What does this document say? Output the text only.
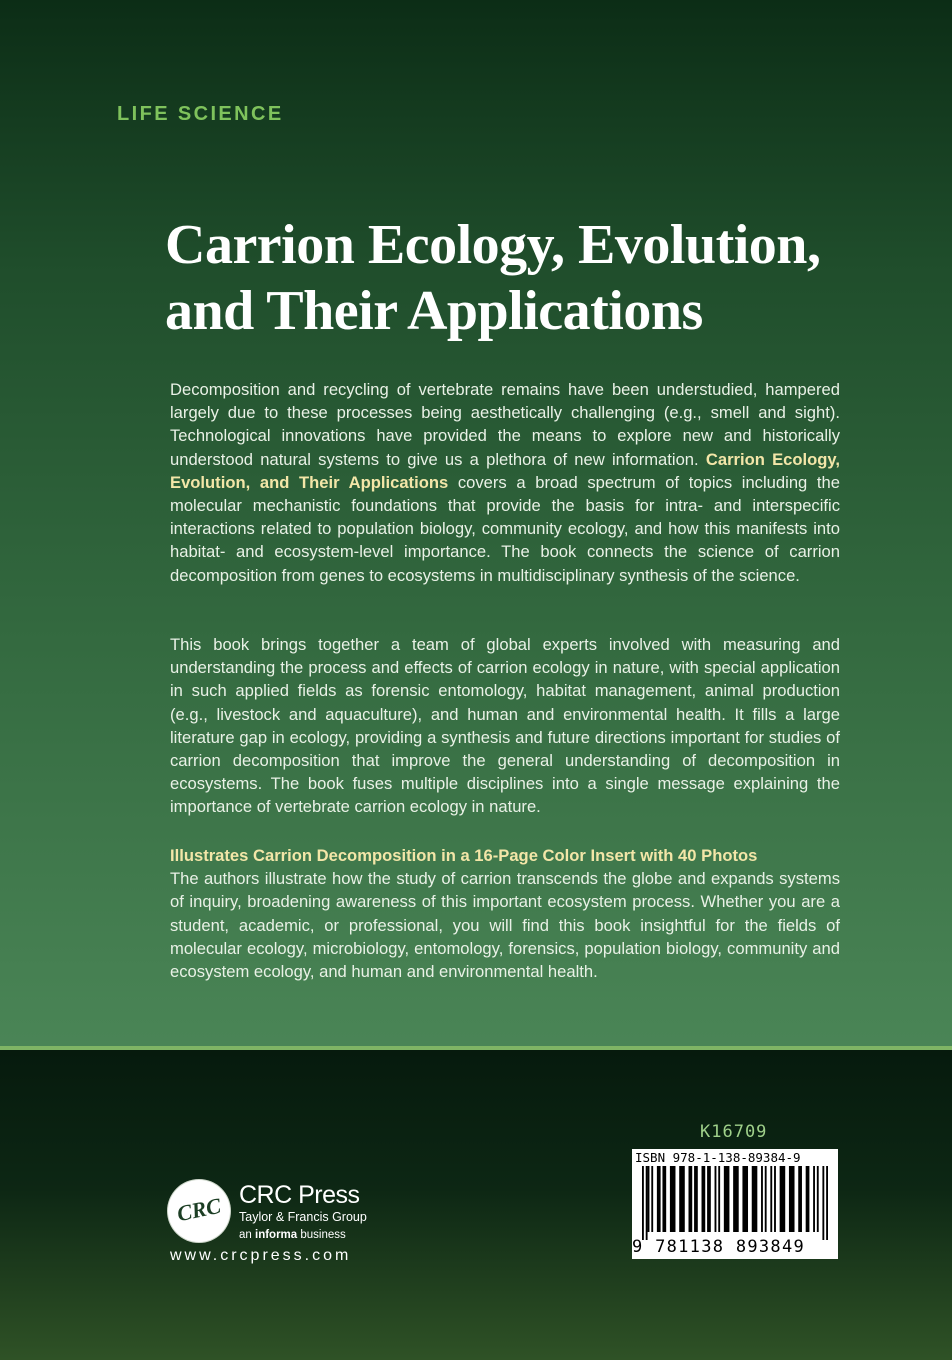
LIFE SCIENCE
Carrion Ecology, Evolution,
and Their Applications

Decomposition and recycling of vertebrate remains have been understudied, hampered largely due to these processes being aesthetically challenging (e.g., smell and sight). Technological innovations have provided the means to explore new and historically understood natural systems to give us a plethora of new information. Carrion Ecology, Evolution, and Their Applications covers a broad spectrum of topics including the molecular mechanistic foundations that provide the basis for intra- and interspecific interactions related to population biology, community ecology, and how this manifests into habitat- and ecosystem-level importance. The book connects the science of carrion decomposition from genes to ecosystems in multidisciplinary synthesis of the science.

This book brings together a team of global experts involved with measuring and understanding the process and effects of carrion ecology in nature, with special application in such applied fields as forensic entomology, habitat management, animal production (e.g., livestock and aquaculture), and human and environmental health. It fills a large literature gap in ecology, providing a synthesis and future directions important for studies of carrion decomposition that improve the general understanding of decomposition in ecosystems. The book fuses multiple disciplines into a single message explaining the importance of vertebrate carrion ecology in nature.

Illustrates Carrion Decomposition in a 16-Page Color Insert with 40 Photos
The authors illustrate how the study of carrion transcends the globe and expands systems of inquiry, broadening awareness of this important ecosystem process. Whether you are a student, academic, or professional, you will find this book insightful for the fields of molecular ecology, microbiology, entomology, forensics, population biology, community and ecosystem ecology, and human and environmental health.

CRC CRC Press
Taylor & Francis Group
an informa business
www.crcpress.com
K16709
ISBN 978-1-138-89384-9
9 781138 893849
